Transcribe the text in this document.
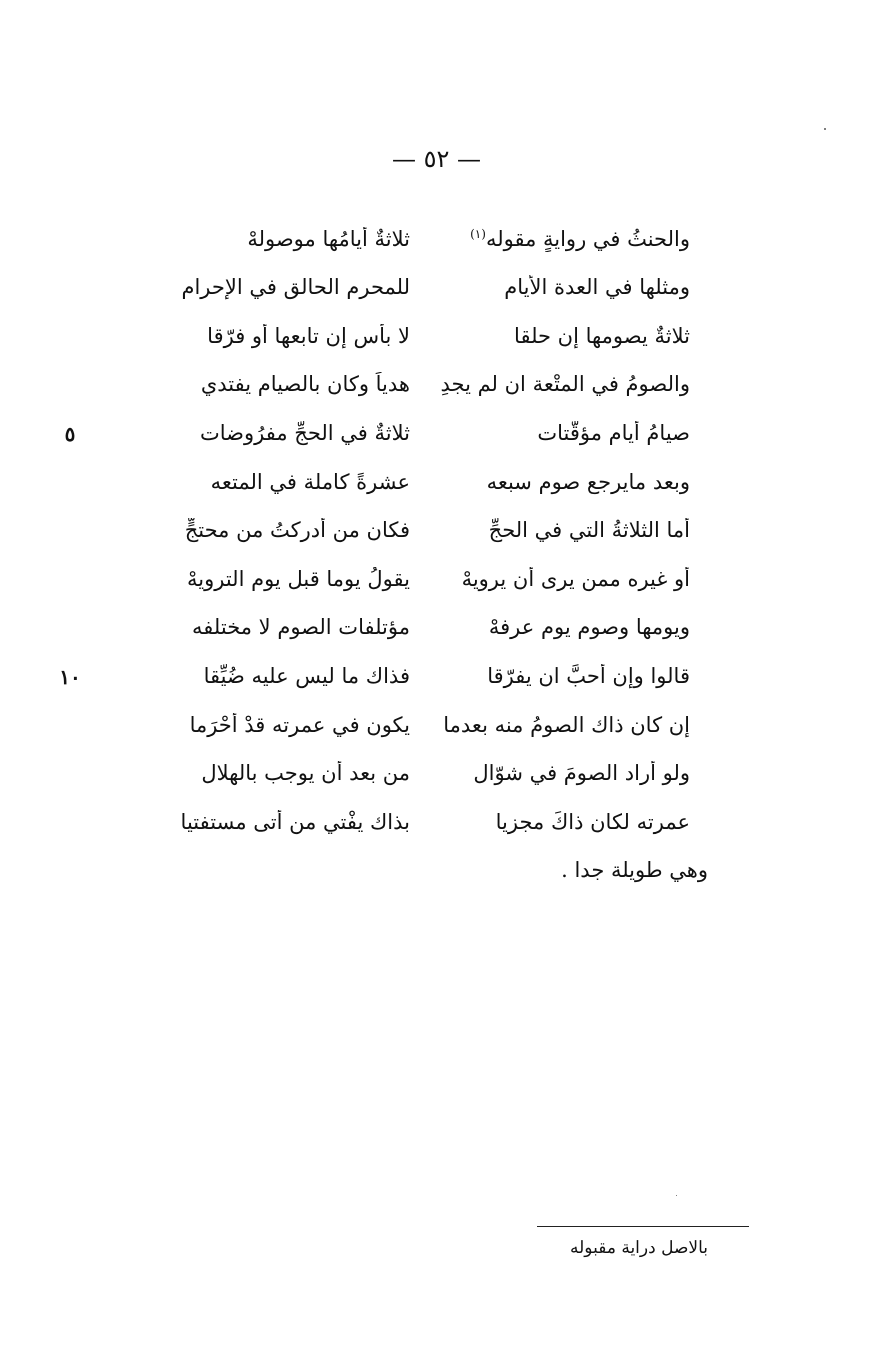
— ٥٢ —
والحنثُ في روايةٍ مقوله$^{(١)}$
ثلاثةٌ أيامُها موصولهْ
ومثلها في العدة الأيام
للمحرم الحالق في الإحرام
ثلاثةٌ يصومها إن حلقا
لا بأس إن تابعها أو فرّقا
والصومُ في المتْعة ان لم يجدِ
هدياً وكان بالصيام يفتدي
صيامُ أيامٍ مؤقّتات
ثلاثةٌ في الحجِّ مفرُوضات
٥
وبعد مايرجع صوم سبعه
عشرةً كاملة في المتعه
أما الثلاثةُ التي في الحجِّ
فكان من أدركتُ من محتجٍّ
أو غيره ممن يرى أن يرويهْ
يقولُ يوما قبل يوم الترويهْ
ويومها وصوم يوم عرفهْ
مؤتلفات الصوم لا مختلفه
قالوا وإن أحبَّ ان يفرّقا
فذاك ما ليس عليه ضُيِّقا
١٠
إن كان ذاك الصومُ منه بعدما
يكون في عمرته قدْ أحْرَما
ولو أراد الصومَ في شوّال
من بعد أن يوجب بالهلال
عمرته لكان ذاكَ مجزيا
بذاك يفْتي من أتى مستفتيا
وهي طويلة جدا .
بالاصل دراية مقبوله
